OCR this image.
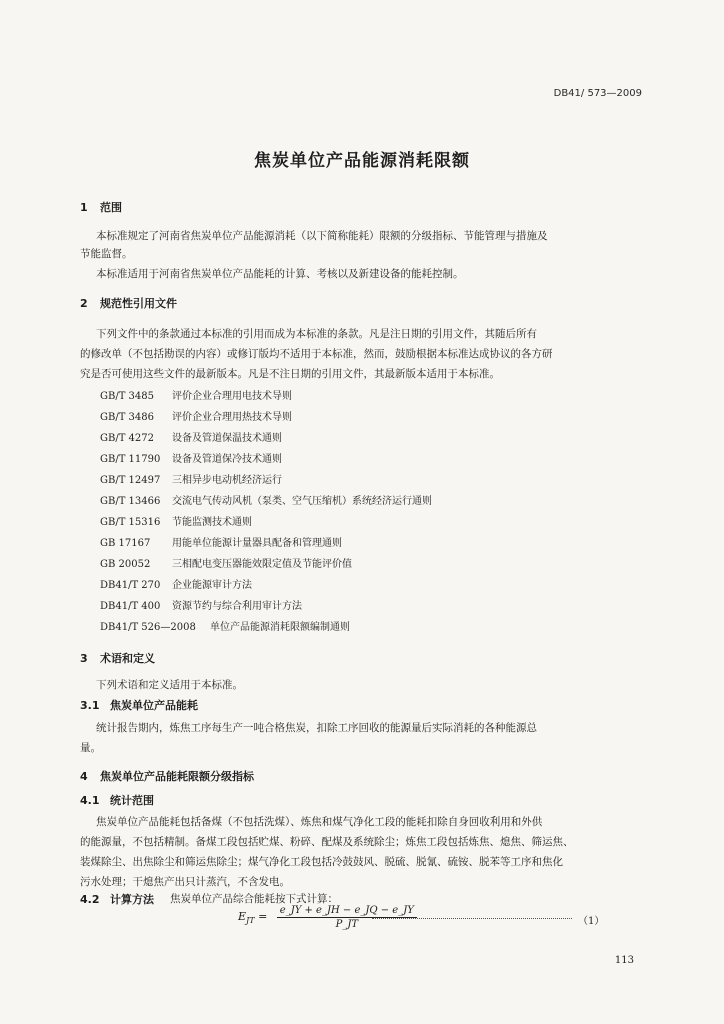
DB41/ 573—2009
焦炭单位产品能源消耗限额
1 范围
本标准规定了河南省焦炭单位产品能源消耗（以下简称能耗）限额的分级指标、节能管理与措施及
节能监督。
本标准适用于河南省焦炭单位产品能耗的计算、考核以及新建设备的能耗控制。
2 规范性引用文件
下列文件中的条款通过本标准的引用而成为本标准的条款。凡是注日期的引用文件，其随后所有
的修改单（不包括勘误的内容）或修订版均不适用于本标准，然而，鼓励根据本标准达成协议的各方研
究是否可使用这些文件的最新版本。凡是不注日期的引用文件，其最新版本适用于本标准。
GB/T 3485 评价企业合理用电技术导则
GB/T 3486 评价企业合理用热技术导则
GB/T 4272 设备及管道保温技术通则
GB/T 11790 设备及管道保冷技术通则
GB/T 12497 三相异步电动机经济运行
GB/T 13466 交流电气传动风机（泵类、空气压缩机）系统经济运行通则
GB/T 15316 节能监测技术通则
GB 17167 用能单位能源计量器具配备和管理通则
GB 20052 三相配电变压器能效限定值及节能评价值
DB41/T 270 企业能源审计方法
DB41/T 400 资源节约与综合利用审计方法
DB41/T 526—2008 单位产品能源消耗限额编制通则
3 术语和定义
下列术语和定义适用于本标准。
3.1 焦炭单位产品能耗
统计报告期内，炼焦工序每生产一吨合格焦炭，扣除工序回收的能源量后实际消耗的各种能源总
量。
4 焦炭单位产品能耗限额分级指标
4.1 统计范围
焦炭单位产品能耗包括备煤（不包括洗煤）、炼焦和煤气净化工段的能耗扣除自身回收利用和外供
的能源量，不包括精制。备煤工段包括贮煤、粉碎、配煤及系统除尘；炼焦工段包括炼焦、熄焦、筛运焦、
装煤除尘、出焦除尘和筛运焦除尘；煤气净化工段包括冷鼓鼓风、脱硫、脱氰、硫铵、脱苯等工序和焦化
污水处理；干熄焦产出只计蒸汽，不含发电。
4.2 计算方法
$E_{JT} = \frac{e\_JY + e\_JH - e\_JQ - e\_JY}{P\_JT}$	（1）
113
焦炭单位产品综合能耗按下式计算：
